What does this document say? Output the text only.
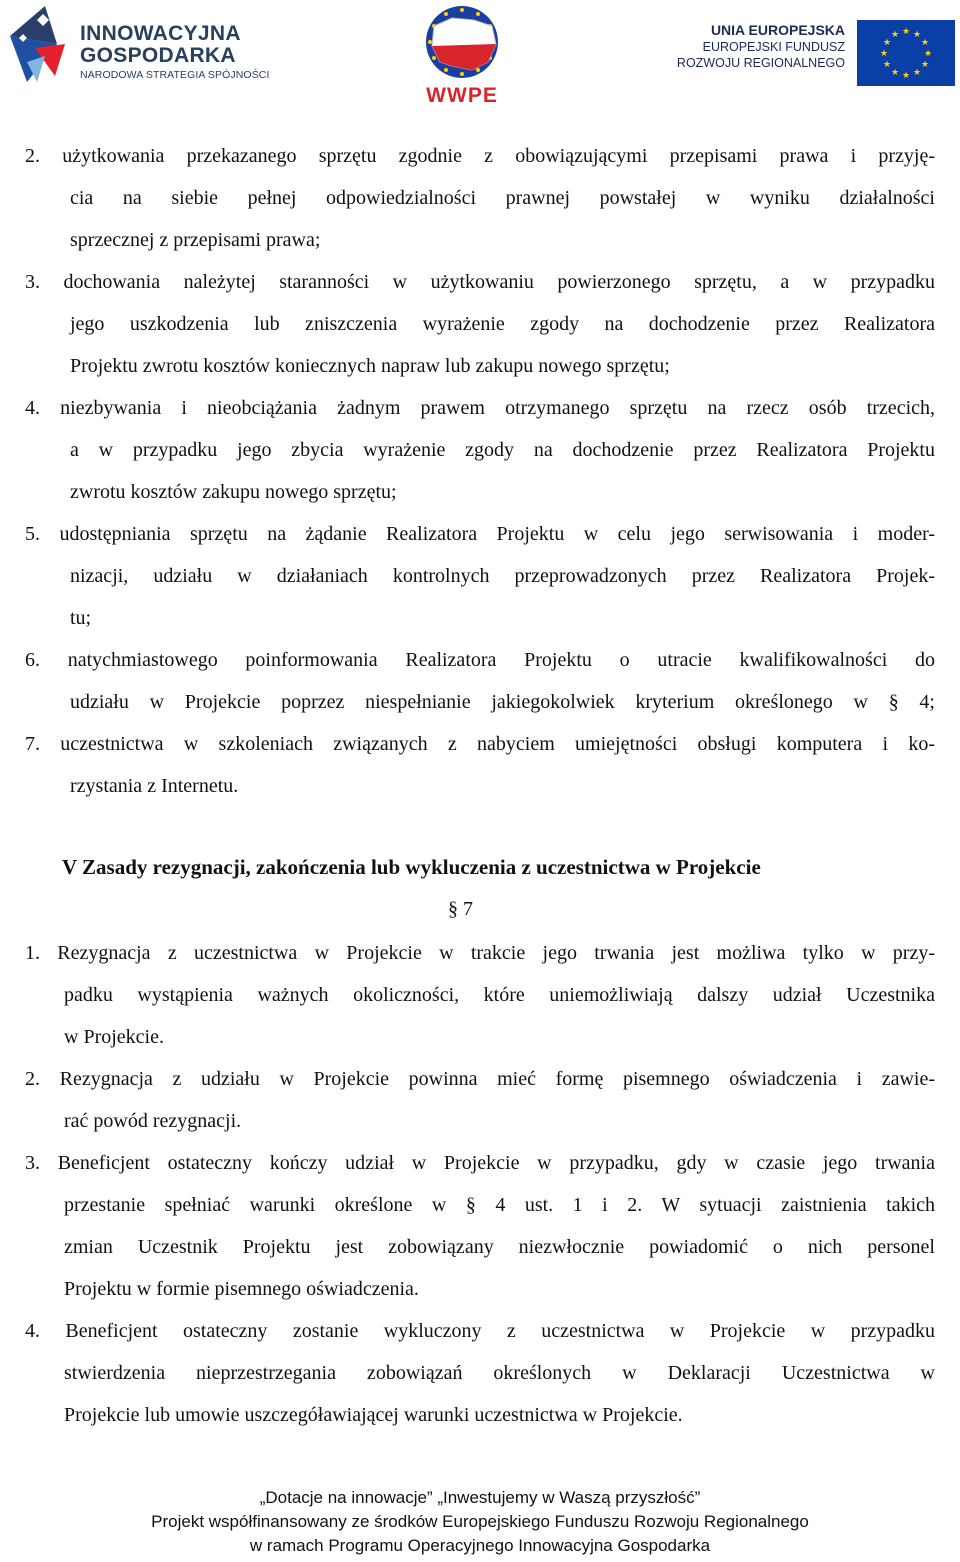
INNOWACYJNA
GOSPODARKA
NARODOWA STRATEGIA SPÓJNOŚCI
WWPE
UNIA EUROPEJSKA
EUROPEJSKI FUNDUSZ
ROZWOJU REGIONALNEGO
★ ★
★
★
★
★
★
★
★
★
★
★
2. użytkowania przekazanego sprzętu zgodnie z obowiązującymi przepisami prawa i przyję-
cia na siebie pełnej odpowiedzialności prawnej powstałej w wyniku działalności
sprzecznej z przepisami prawa;
3. dochowania należytej staranności w użytkowaniu powierzonego sprzętu, a w przypadku
jego uszkodzenia lub zniszczenia wyrażenie zgody na dochodzenie przez Realizatora
Projektu zwrotu kosztów koniecznych napraw lub zakupu nowego sprzętu;
4. niezbywania i nieobciążania żadnym prawem otrzymanego sprzętu na rzecz osób trzecich,
a w przypadku jego zbycia wyrażenie zgody na dochodzenie przez Realizatora Projektu
zwrotu kosztów zakupu nowego sprzętu;
5. udostępniania sprzętu na żądanie Realizatora Projektu w celu jego serwisowania i moder-
nizacji, udziału w działaniach kontrolnych przeprowadzonych przez Realizatora Projek-
tu;
6. natychmiastowego poinformowania Realizatora Projektu o utracie kwalifikowalności do
udziału w Projekcie poprzez niespełnianie jakiegokolwiek kryterium określonego w § 4;
7. uczestnictwa w szkoleniach związanych z nabyciem umiejętności obsługi komputera i ko-
rzystania z Internetu.
V Zasady rezygnacji, zakończenia lub wykluczenia z uczestnictwa w Projekcie
§ 7
1. Rezygnacja z uczestnictwa w Projekcie w trakcie jego trwania jest możliwa tylko w przy-
padku wystąpienia ważnych okoliczności, które uniemożliwiają dalszy udział Uczestnika
w Projekcie.
2. Rezygnacja z udziału w Projekcie powinna mieć formę pisemnego oświadczenia i zawie-
rać powód rezygnacji.
3. Beneficjent ostateczny kończy udział w Projekcie w przypadku, gdy w czasie jego trwania
przestanie spełniać warunki określone w § 4 ust. 1 i 2. W sytuacji zaistnienia takich
zmian Uczestnik Projektu jest zobowiązany niezwłocznie powiadomić o nich personel
Projektu w formie pisemnego oświadczenia.
4. Beneficjent ostateczny zostanie wykluczony z uczestnictwa w Projekcie w przypadku
stwierdzenia nieprzestrzegania zobowiązań określonych w Deklaracji Uczestnictwa w
Projekcie lub umowie uszczegóławiającej warunki uczestnictwa w Projekcie.
„Dotacje na innowacje” „Inwestujemy w Waszą przyszłość”
Projekt współfinansowany ze środków Europejskiego Funduszu Rozwoju Regionalnego
w ramach Programu Operacyjnego Innowacyjna Gospodarka
